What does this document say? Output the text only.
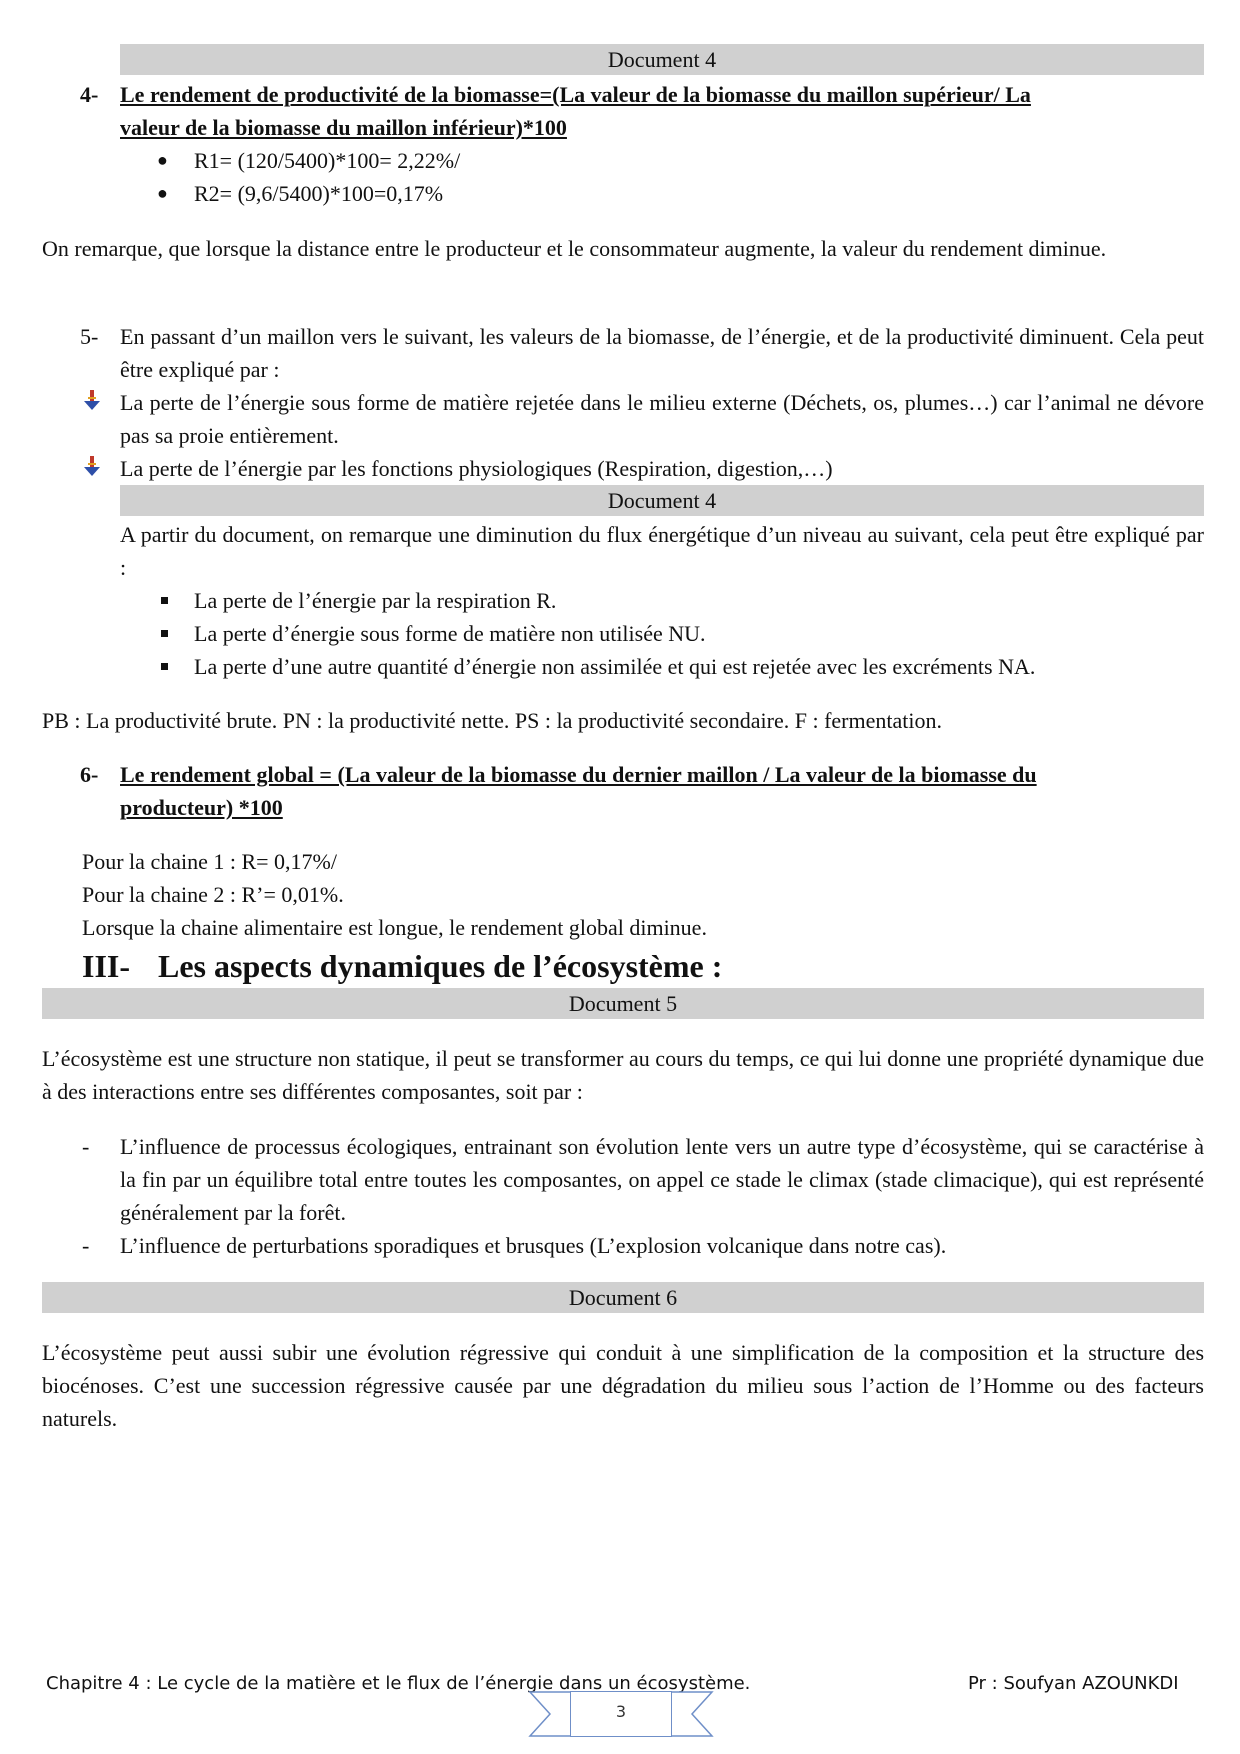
Document 4
4- Le rendement de productivité de la biomasse=(La valeur de la biomasse du maillon supérieur/ La
valeur de la biomasse du maillon inférieur)*100
● R1= (120/5400)*100= 2,22%/
● R2= (9,6/5400)*100=0,17%
On remarque, que lorsque la distance entre le producteur et le consommateur augmente, la valeur du rendement diminue.
5- En passant d’un maillon vers le suivant, les valeurs de la biomasse, de l’énergie, et de la productivité diminuent. Cela peut être expliqué par :
La perte de l’énergie sous forme de matière rejetée dans le milieu externe (Déchets, os, plumes…) car l’animal ne dévore pas sa proie entièrement.
La perte de l’énergie par les fonctions physiologiques (Respiration, digestion,…)
Document 4
A partir du document, on remarque une diminution du flux énergétique d’un niveau au suivant, cela peut être expliqué par :
La perte de l’énergie par la respiration R.
La perte d’énergie sous forme de matière non utilisée NU.
La perte d’une autre quantité d’énergie non assimilée et qui est rejetée avec les excréments NA.
PB : La productivité brute. PN : la productivité nette. PS : la productivité secondaire. F : fermentation.
6- Le rendement global = (La valeur de la biomasse du dernier maillon / La valeur de la biomasse du
producteur) *100
Pour la chaine 1 : R= 0,17%/
Pour la chaine 2 : R’= 0,01%.
Lorsque la chaine alimentaire est longue, le rendement global diminue.
III- Les aspects dynamiques de l’écosystème :
Document 5
L’écosystème est une structure non statique, il peut se transformer au cours du temps, ce qui lui donne une propriété dynamique due à des interactions entre ses différentes composantes, soit par :
- L’influence de processus écologiques, entrainant son évolution lente vers un autre type d’écosystème, qui se caractérise à la fin par un équilibre total entre toutes les composantes, on appel ce stade le climax (stade climacique), qui est représenté généralement par la forêt.
- L’influence de perturbations sporadiques et brusques (L’explosion volcanique dans notre cas).
Document 6
L’écosystème peut aussi subir une évolution régressive qui conduit à une simplification de la composition et la structure des biocénoses. C’est une succession régressive causée par une dégradation du milieu sous l’action de l’Homme ou des facteurs naturels.
Chapitre 4 : Le cycle de la matière et le flux de l’énergie dans un écosystème.	Pr : Soufyan AZOUNKDI
3
